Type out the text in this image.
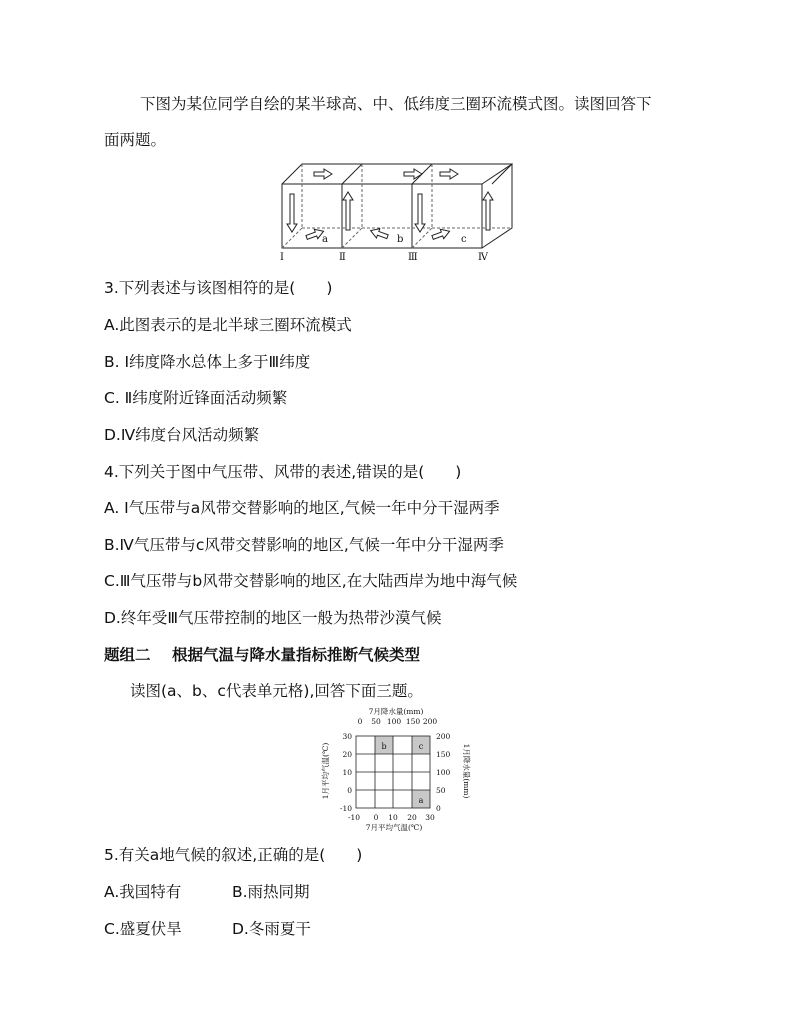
下图为某位同学自绘的某半球高、中、低纬度三圈环流模式图。读图回答下
面两题。
a	b	c
Ⅰ	Ⅱ	Ⅲ	Ⅳ
3.下列表述与该图相符的是(　　)
A.此图表示的是北半球三圈环流模式
B. Ⅰ纬度降水总体上多于Ⅲ纬度
C. Ⅱ纬度附近锋面活动频繁
D.Ⅳ纬度台风活动频繁
4.下列关于图中气压带、风带的表述,错误的是(　　)
A. Ⅰ气压带与a风带交替影响的地区,气候一年中分干湿两季
B.Ⅳ气压带与c风带交替影响的地区,气候一年中分干湿两季
C.Ⅲ气压带与b风带交替影响的地区,在大陆西岸为地中海气候
D.终年受Ⅲ气压带控制的地区一般为热带沙漠气候
题组二 根据气温与降水量指标推断气候类型
读图(a、b、c代表单元格),回答下面三题。
7月降水量(mm)
0 50 100 150 200
30
20
10
0
-10
200
150
100
50
0
-10 0 10 20 30
7月平均气温(℃)
1月平均气温(℃)	1月降水量(mm)
b	c
a
5.有关a地气候的叙述,正确的是(　　)
A.我国特有	B.雨热同期
C.盛夏伏旱	D.冬雨夏干
